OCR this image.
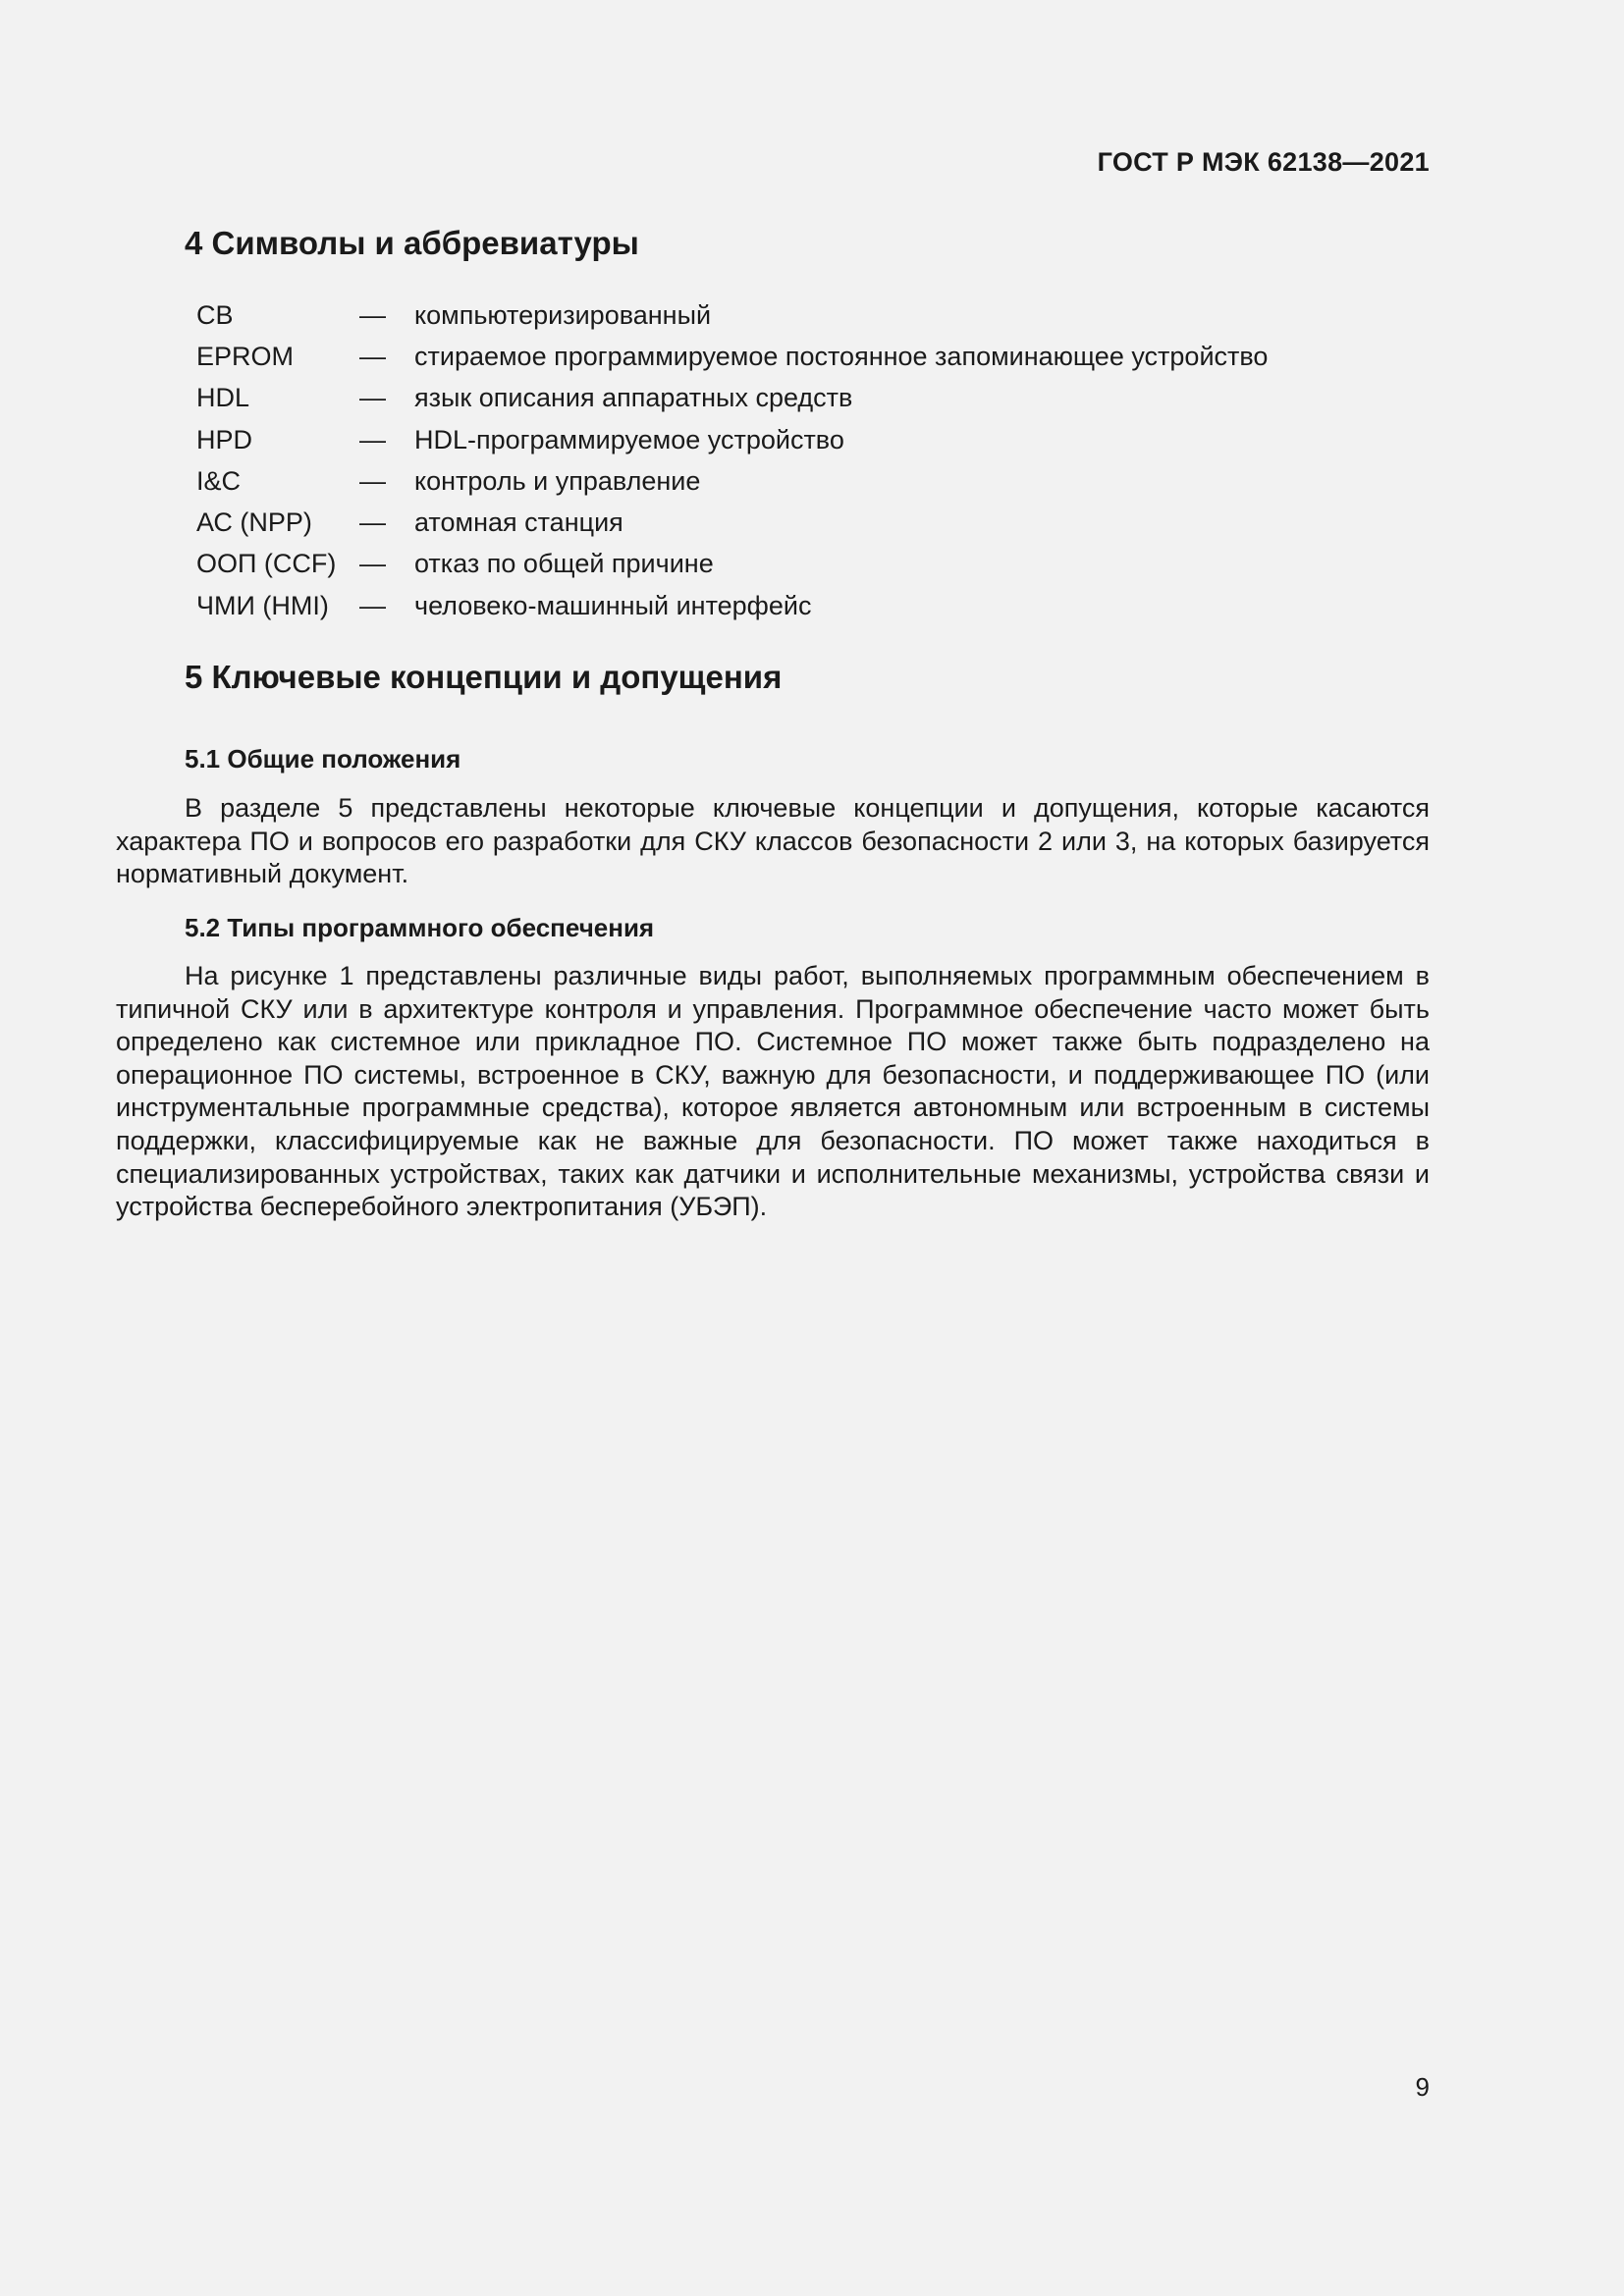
ГОСТ Р МЭК 62138—2021
4 Символы и аббревиатуры
СВ	—	компьютеризированный
EPROM	—	стираемое программируемое постоянное запоминающее устройство
HDL	—	язык описания аппаратных средств
HPD	—	HDL-программируемое устройство
I&C	—	контроль и управление
АС (NPP)	—	атомная станция
ООП (CCF) —	отказ по общей причине
ЧМИ (HMI)	—	человеко-машинный интерфейс
5 Ключевые концепции и допущения
5.1 Общие положения

В разделе 5 представлены некоторые ключевые концепции и допущения, которые касаются характера ПО и вопросов его разработки для СКУ классов безопасности 2 или 3, на которых базируется нормативный документ.

5.2 Типы программного обеспечения

На рисунке 1 представлены различные виды работ, выполняемых программным обеспечением в типичной СКУ или в архитектуре контроля и управления. Программное обеспечение часто может быть определено как системное или прикладное ПО. Системное ПО может также быть подразделено на операционное ПО системы, встроенное в СКУ, важную для безопасности, и поддерживающее ПО (или инструментальные программные средства), которое является автономным или встроенным в системы поддержки, классифицируемые как не важные для безопасности. ПО может также находиться в специализированных устройствах, таких как датчики и исполнительные механизмы, устройства связи и устройства бесперебойного электропитания (УБЭП).

9
